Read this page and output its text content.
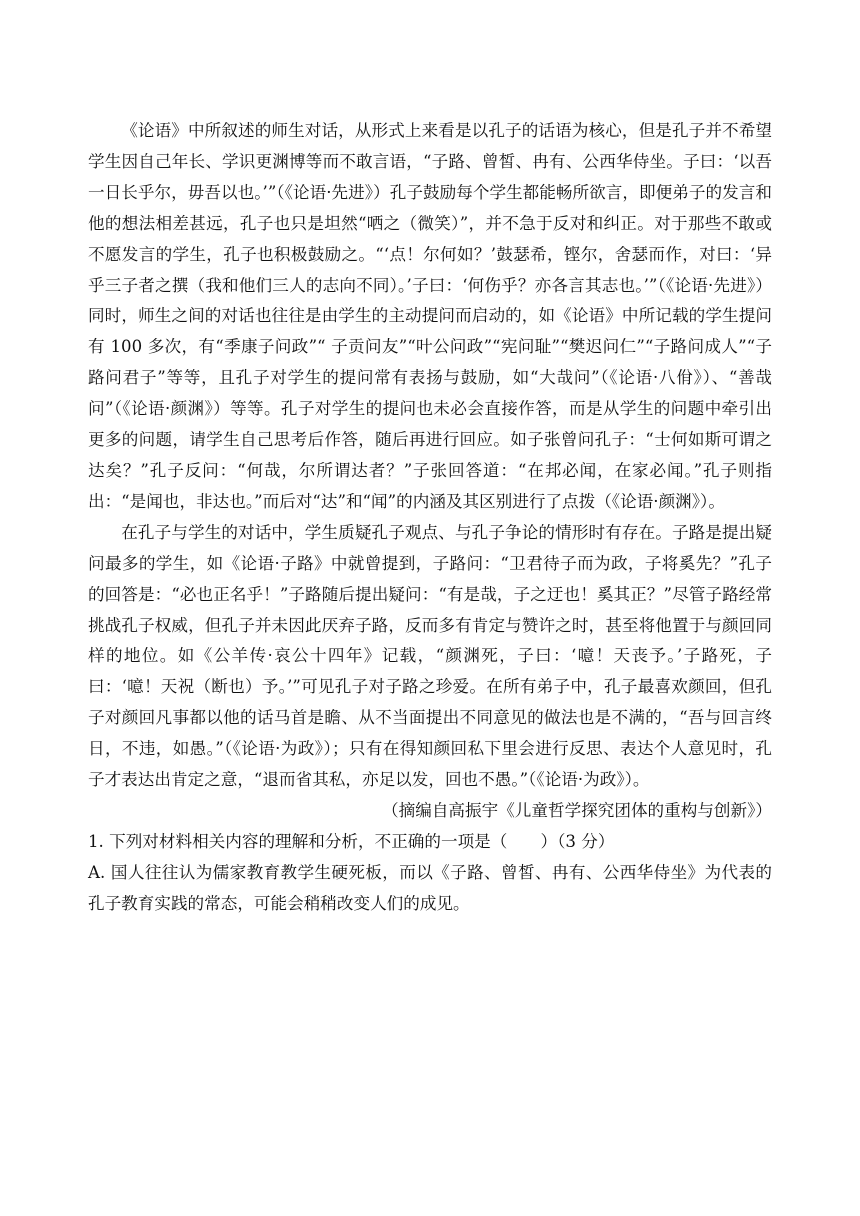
《论语》中所叙述的师生对话，从形式上来看是以孔子的话语为核心，但是孔子并不希望学生因自己年长、学识更渊博等而不敢言语，“子路、曾皙、冉有、公西华侍坐。子曰：‘以吾一日长乎尔，毋吾以也。’”（《论语·先进》）孔子鼓励每个学生都能畅所欲言，即便弟子的发言和他的想法相差甚远，孔子也只是坦然“哂之（微笑）”，并不急于反对和纠正。对于那些不敢或不愿发言的学生，孔子也积极鼓励之。“‘点！尔何如？’鼓瑟希，铿尔，舍瑟而作，对曰：‘异乎三子者之撰（我和他们三人的志向不同）。’子曰：‘何伤乎？亦各言其志也。’”（《论语·先进》）同时，师生之间的对话也往往是由学生的主动提问而启动的，如《论语》中所记载的学生提问有 100 多次，有“季康子问政”“ 子贡问友”“叶公问政”“宪问耻”“樊迟问仁”“子路问成人”“子路问君子”等等，且孔子对学生的提问常有表扬与鼓励，如“大哉问”（《论语·八佾》）、“善哉问”（《论语·颜渊》）等等。孔子对学生的提问也未必会直接作答，而是从学生的问题中牵引出更多的问题，请学生自己思考后作答，随后再进行回应。如子张曾问孔子：“士何如斯可谓之达矣？”孔子反问：“何哉，尔所谓达者？”子张回答道：“在邦必闻，在家必闻。”孔子则指出：“是闻也，非达也。”而后对“达”和“闻”的内涵及其区别进行了点拨（《论语·颜渊》）。

在孔子与学生的对话中，学生质疑孔子观点、与孔子争论的情形时有存在。子路是提出疑问最多的学生，如《论语·子路》中就曾提到，子路问：“卫君待子而为政，子将奚先？”孔子的回答是：“必也正名乎！”子路随后提出疑问：“有是哉，子之迂也！奚其正？”尽管子路经常挑战孔子权威，但孔子并未因此厌弃子路，反而多有肯定与赞许之时，甚至将他置于与颜回同样的地位。如《公羊传·哀公十四年》记载，“颜渊死，子曰：‘噫！天丧予。’子路死，子曰：‘噫！天祝（断也）予。’”可见孔子对子路之珍爱。在所有弟子中，孔子最喜欢颜回，但孔子对颜回凡事都以他的话马首是瞻、从不当面提出不同意见的做法也是不满的，“吾与回言终日，不违，如愚。”（《论语·为政》）；只有在得知颜回私下里会进行反思、表达个人意见时，孔子才表达出肯定之意，“退而省其私，亦足以发，回也不愚。”（《论语·为政》）。

（摘编自高振宇《儿童哲学探究团体的重构与创新》）

1. 下列对材料相关内容的理解和分析，不正确的一项是（　　）（3 分）

A. 国人往往认为儒家教育教学生硬死板，而以《子路、曾皙、冉有、公西华侍坐》为代表的孔子教育实践的常态，可能会稍稍改变人们的成见。
